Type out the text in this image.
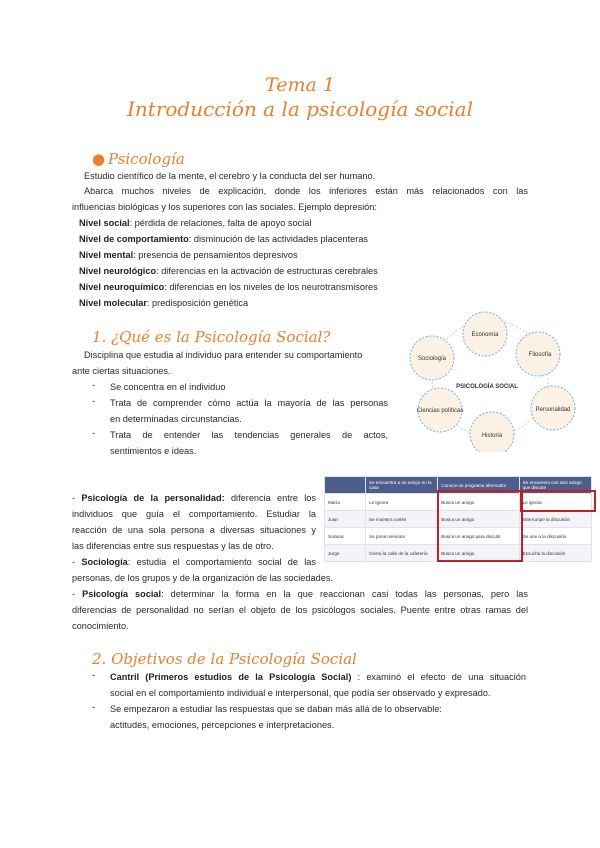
Tema 1
Introducción a la psicología social
● Psicología
Estudio científico de la mente, el cerebro y la conducta del ser humano.
Abarca muchos niveles de explicación, donde los inferiores están más relacionados con las
influencias biológicas y los superiores con las sociales. Ejemplo depresión:
Nivel social: pérdida de relaciones, falta de apoyo social
Nivel de comportamiento: disminución de las actividades placenteras
Nivel mental: presencia de pensamientos depresivos
Nivel neurológico: diferencias en la activación de estructuras cerebrales
Nivel neuroquímico: diferencias en los niveles de los neurotransmisores
Nivel molecular: predisposición genética
1. ¿Qué es la Psicología Social?
Disciplina que estudia al individuo para entender su comportamiento
ante ciertas situaciones.
- Se concentra en el individuo
- Trata de comprender cómo actúa la mayoría de las personas
en determinadas circunstancias.
- Trata de entender las tendencias generales de actos,
sentimientos e ideas.
PSICOLOGÍA SOCIAL
Economía
Filosofía
Personalidad
Historia
Ciencias políticas
Sociología
	Se encuentra a un amigo en la casa	Conoce un programa alternador	Se encuentra con otro amigo que discute
María	Le ignora	Busca un amigo	Le ignora
Juan	Se muestra cortés	Busca un amigo	Interrumpe la discusión
Susana	Se pone nerviosa	Busca un amigo para discutir	Se une a la discusión
Jorge	Cierra la calle de la cafetería	Busca un amigo	Escucha la discusión
- Psicología de la personalidad: diferencia entre los
individuos que guía el comportamiento. Estudiar la
reacción de una sola persona a diversas situaciones y
las diferencias entre sus respuestas y las de otro.
- Sociología: estudia el comportamiento social de las
personas, de los grupos y de la organización de las sociedades.
- Psicología social: determinar la forma en la que reaccionan casi todas las personas, pero las
diferencias de personalidad no serían el objeto de los psicólogos sociales. Puente entre otras ramas del
conocimiento.
2. Objetivos de la Psicología Social
- Cantril (Primeros estudios de la Psicología Social) : examinó el efecto de una situación
social en el comportamiento individual e interpersonal, que podía ser observado y expresado.
- Se empezaron a estudiar las respuestas que se daban más allá de lo observable:
actitudes, emociones, percepciones e interpretaciones.
